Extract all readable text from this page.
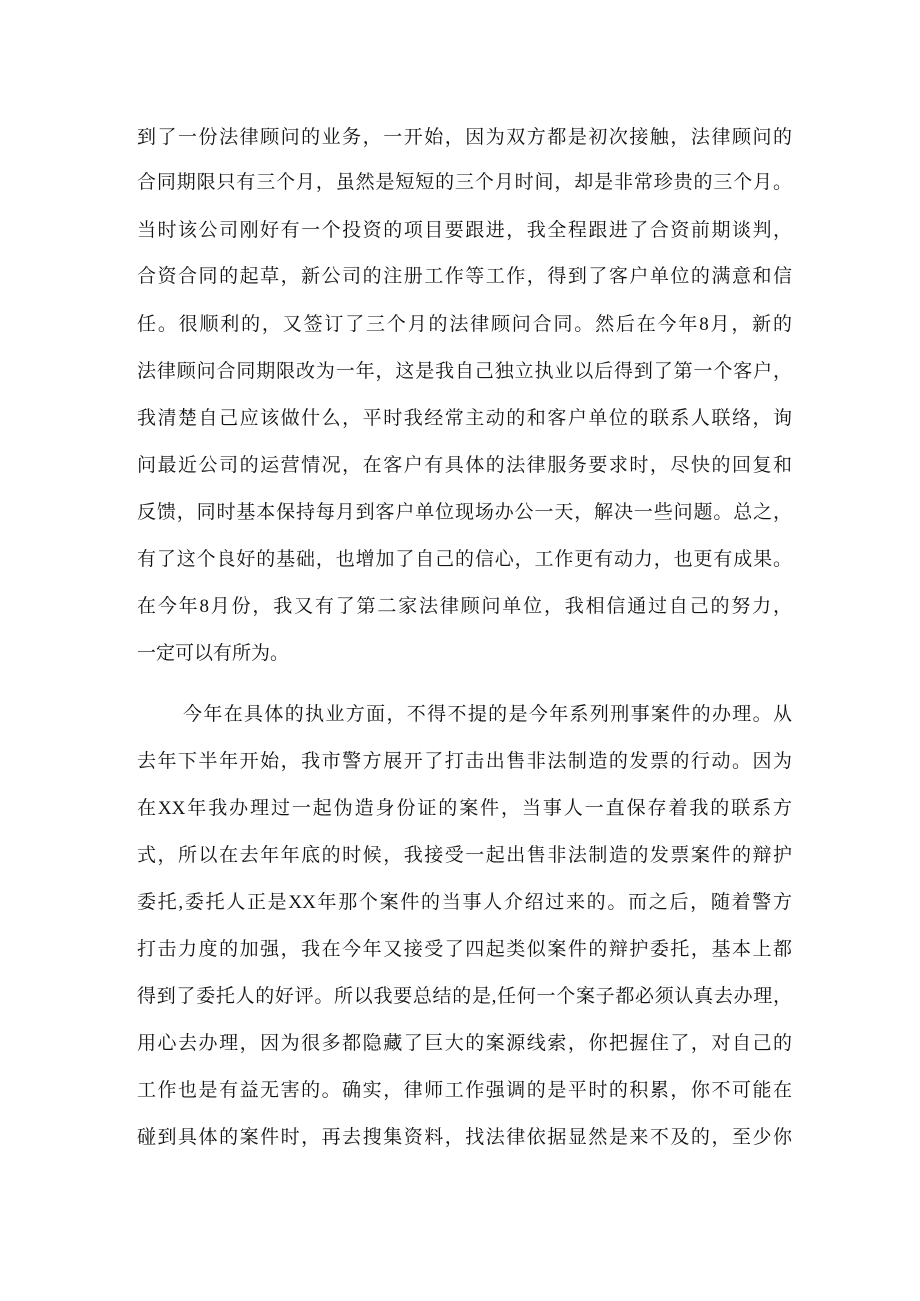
到了一份法律顾问的业务，一开始，因为双方都是初次接触，法律顾问的
合同期限只有三个月，虽然是短短的三个月时间，却是非常珍贵的三个月。
当时该公司刚好有一个投资的项目要跟进，我全程跟进了合资前期谈判，
合资合同的起草，新公司的注册工作等工作，得到了客户单位的满意和信
任。很顺利的，又签订了三个月的法律顾问合同。然后在今年8月，新的
法律顾问合同期限改为一年，这是我自己独立执业以后得到了第一个客户，
我清楚自己应该做什么，平时我经常主动的和客户单位的联系人联络，询
问最近公司的运营情况，在客户有具体的法律服务要求时，尽快的回复和
反馈，同时基本保持每月到客户单位现场办公一天，解决一些问题。总之，
有了这个良好的基础，也增加了自己的信心，工作更有动力，也更有成果。
在今年8月份，我又有了第二家法律顾问单位，我相信通过自己的努力，
一定可以有所为。
今年在具体的执业方面，不得不提的是今年系列刑事案件的办理。从
去年下半年开始，我市警方展开了打击出售非法制造的发票的行动。因为
在XX年我办理过一起伪造身份证的案件，当事人一直保存着我的联系方
式，所以在去年年底的时候，我接受一起出售非法制造的发票案件的辩护
委托,委托人正是XX年那个案件的当事人介绍过来的。而之后，随着警方
打击力度的加强，我在今年又接受了四起类似案件的辩护委托，基本上都
得到了委托人的好评。所以我要总结的是,任何一个案子都必须认真去办理，
用心去办理，因为很多都隐藏了巨大的案源线索，你把握住了，对自己的
工作也是有益无害的。确实，律师工作强调的是平时的积累，你不可能在
碰到具体的案件时，再去搜集资料，找法律依据显然是来不及的，至少你
